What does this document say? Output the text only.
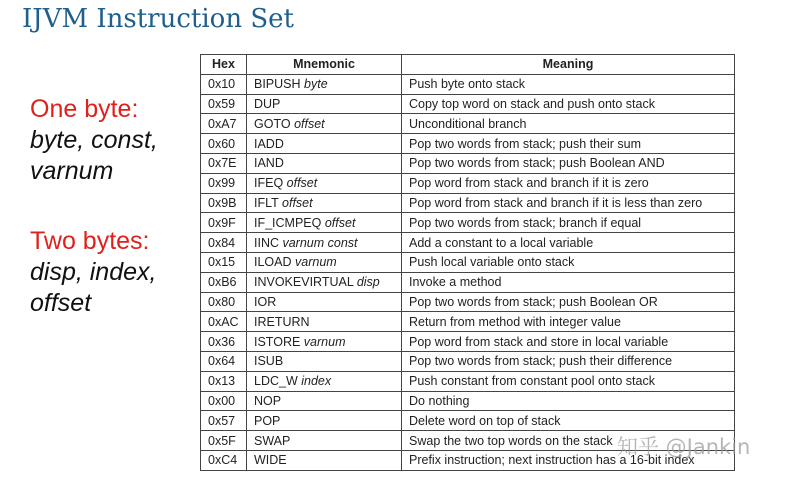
IJVM Instruction Set
One byte:
byte, const,
varnum
Two bytes:
disp, index,
offset
Hex	Mnemonic	Meaning
0x10	BIPUSH byte	Push byte onto stack
0x59	DUP	Copy top word on stack and push onto stack
0xA7	GOTO offset	Unconditional branch
0x60	IADD	Pop two words from stack; push their sum
0x7E	IAND	Pop two words from stack; push Boolean AND
0x99	IFEQ offset	Pop word from stack and branch if it is zero
0x9B	IFLT offset	Pop word from stack and branch if it is less than zero
0x9F	IF_ICMPEQ offset	Pop two words from stack; branch if equal
0x84	IINC varnum const	Add a constant to a local variable
0x15	ILOAD varnum	Push local variable onto stack
0xB6	INVOKEVIRTUAL disp	Invoke a method
0x80	IOR	Pop two words from stack; push Boolean OR
0xAC	IRETURN	Return from method with integer value
0x36	ISTORE varnum	Pop word from stack and store in local variable
0x64	ISUB	Pop two words from stack; push their difference
0x13	LDC_W index	Push constant from constant pool onto stack
0x00	NOP	Do nothing
0x57	POP	Delete word on top of stack
0x5F	SWAP	Swap the two top words on the stack
0xC4	WIDE	Prefix instruction; next instruction has a 16-bit index
知乎 @Jankin
